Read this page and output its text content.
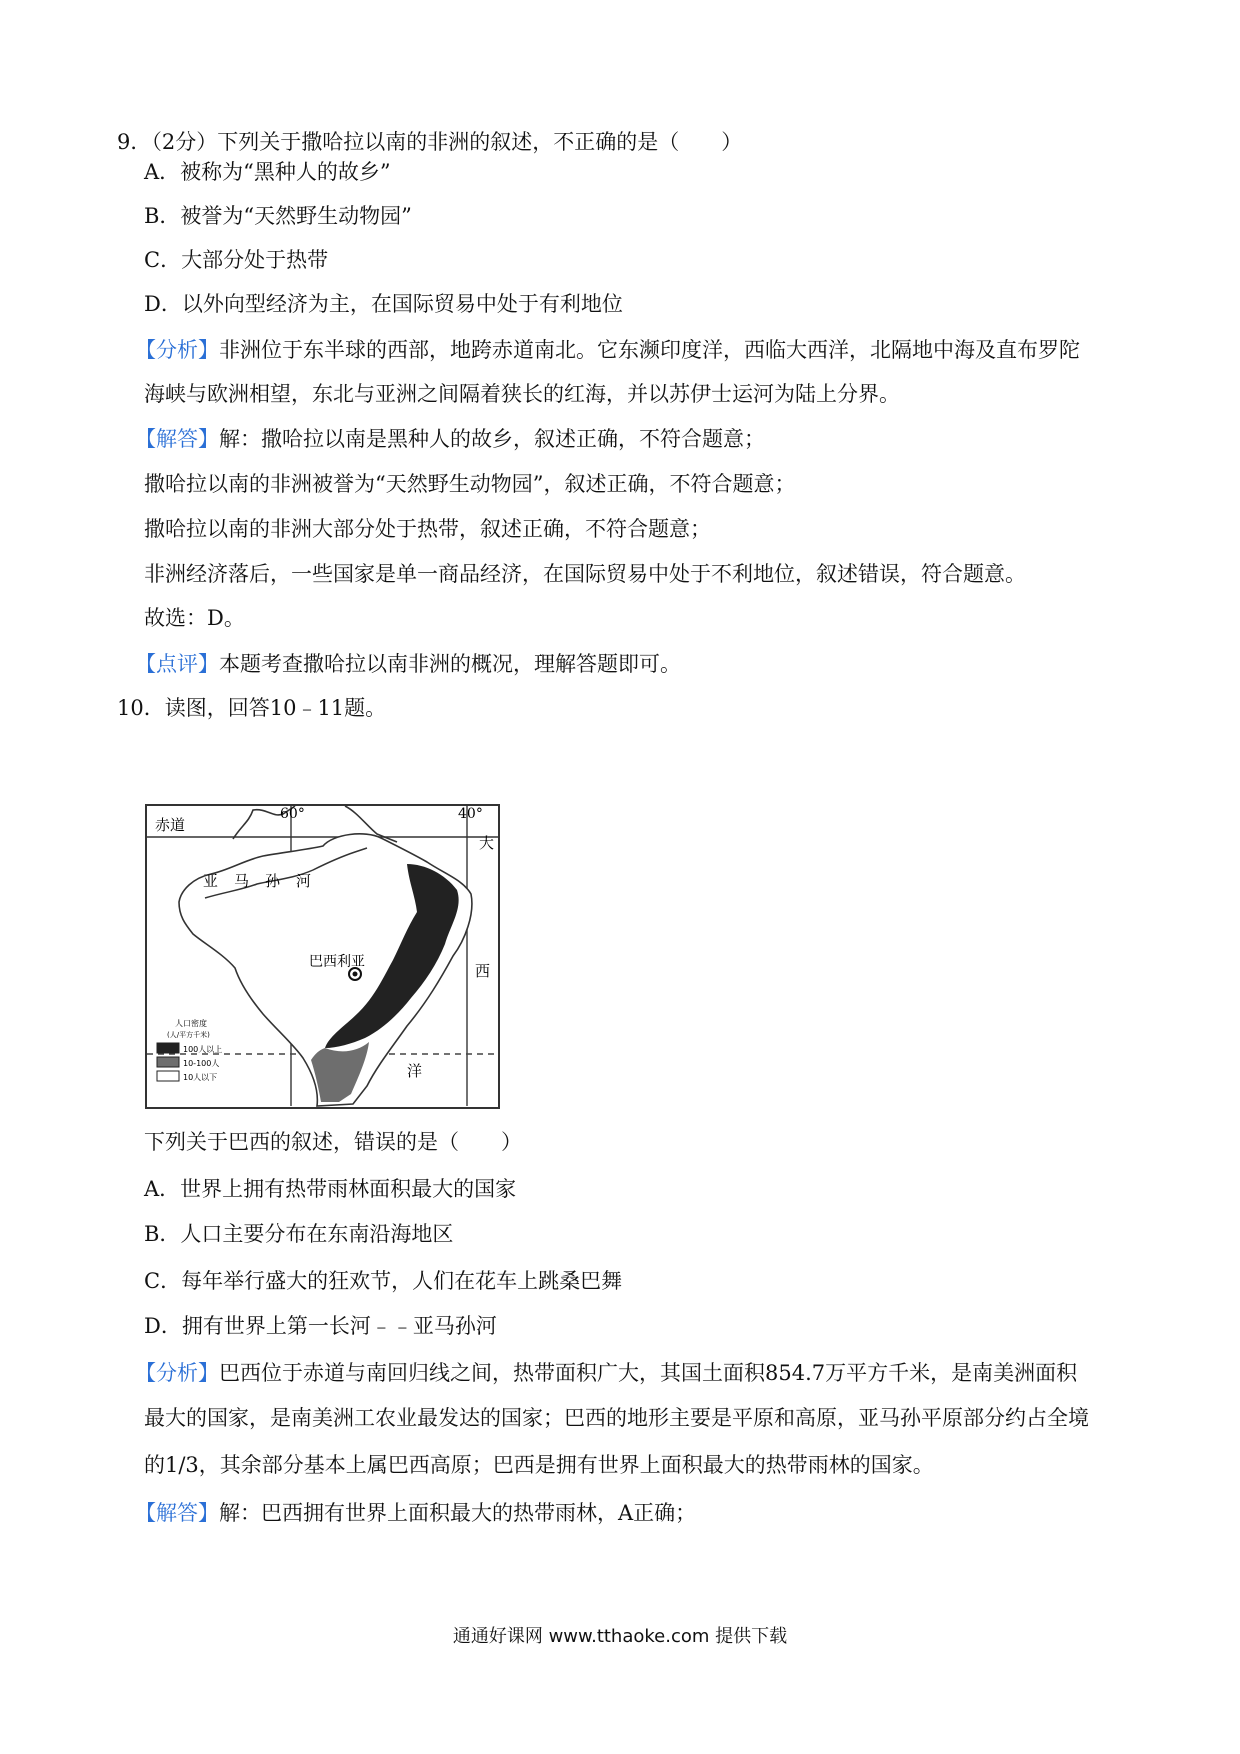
9．（2分）下列关于撒哈拉以南的非洲的叙述，不正确的是（　　）
A．被称为“黑种人的故乡”
B．被誉为“天然野生动物园”
C．大部分处于热带
D．以外向型经济为主，在国际贸易中处于有利地位
【分析】非洲位于东半球的西部，地跨赤道南北。它东濒印度洋，西临大西洋，北隔地中海及直布罗陀
海峡与欧洲相望，东北与亚洲之间隔着狭长的红海，并以苏伊士运河为陆上分界。
【解答】解：撒哈拉以南是黑种人的故乡，叙述正确，不符合题意；
撒哈拉以南的非洲被誉为“天然野生动物园”，叙述正确，不符合题意；
撒哈拉以南的非洲大部分处于热带，叙述正确，不符合题意；
非洲经济落后，一些国家是单一商品经济，在国际贸易中处于不利地位，叙述错误，符合题意。
故选：D。
【点评】本题考查撒哈拉以南非洲的概况，理解答题即可。
10．读图，回答10﹣11题。
60°	40°
赤道
亚马孙河
巴西利亚
大
西
洋
人口密度
(人/平方千米)
100人以上
10-100人
10人以下
下列关于巴西的叙述，错误的是（　　）
A．世界上拥有热带雨林面积最大的国家
B．人口主要分布在东南沿海地区
C．每年举行盛大的狂欢节，人们在花车上跳桑巴舞
D．拥有世界上第一长河﹣﹣亚马孙河
【分析】巴西位于赤道与南回归线之间，热带面积广大，其国土面积854.7万平方千米，是南美洲面积
最大的国家，是南美洲工农业最发达的国家；巴西的地形主要是平原和高原，亚马孙平原部分约占全境
的1/3，其余部分基本上属巴西高原；巴西是拥有世界上面积最大的热带雨林的国家。
【解答】解：巴西拥有世界上面积最大的热带雨林，A正确；
通通好课网 www.tthaoke.com 提供下载
